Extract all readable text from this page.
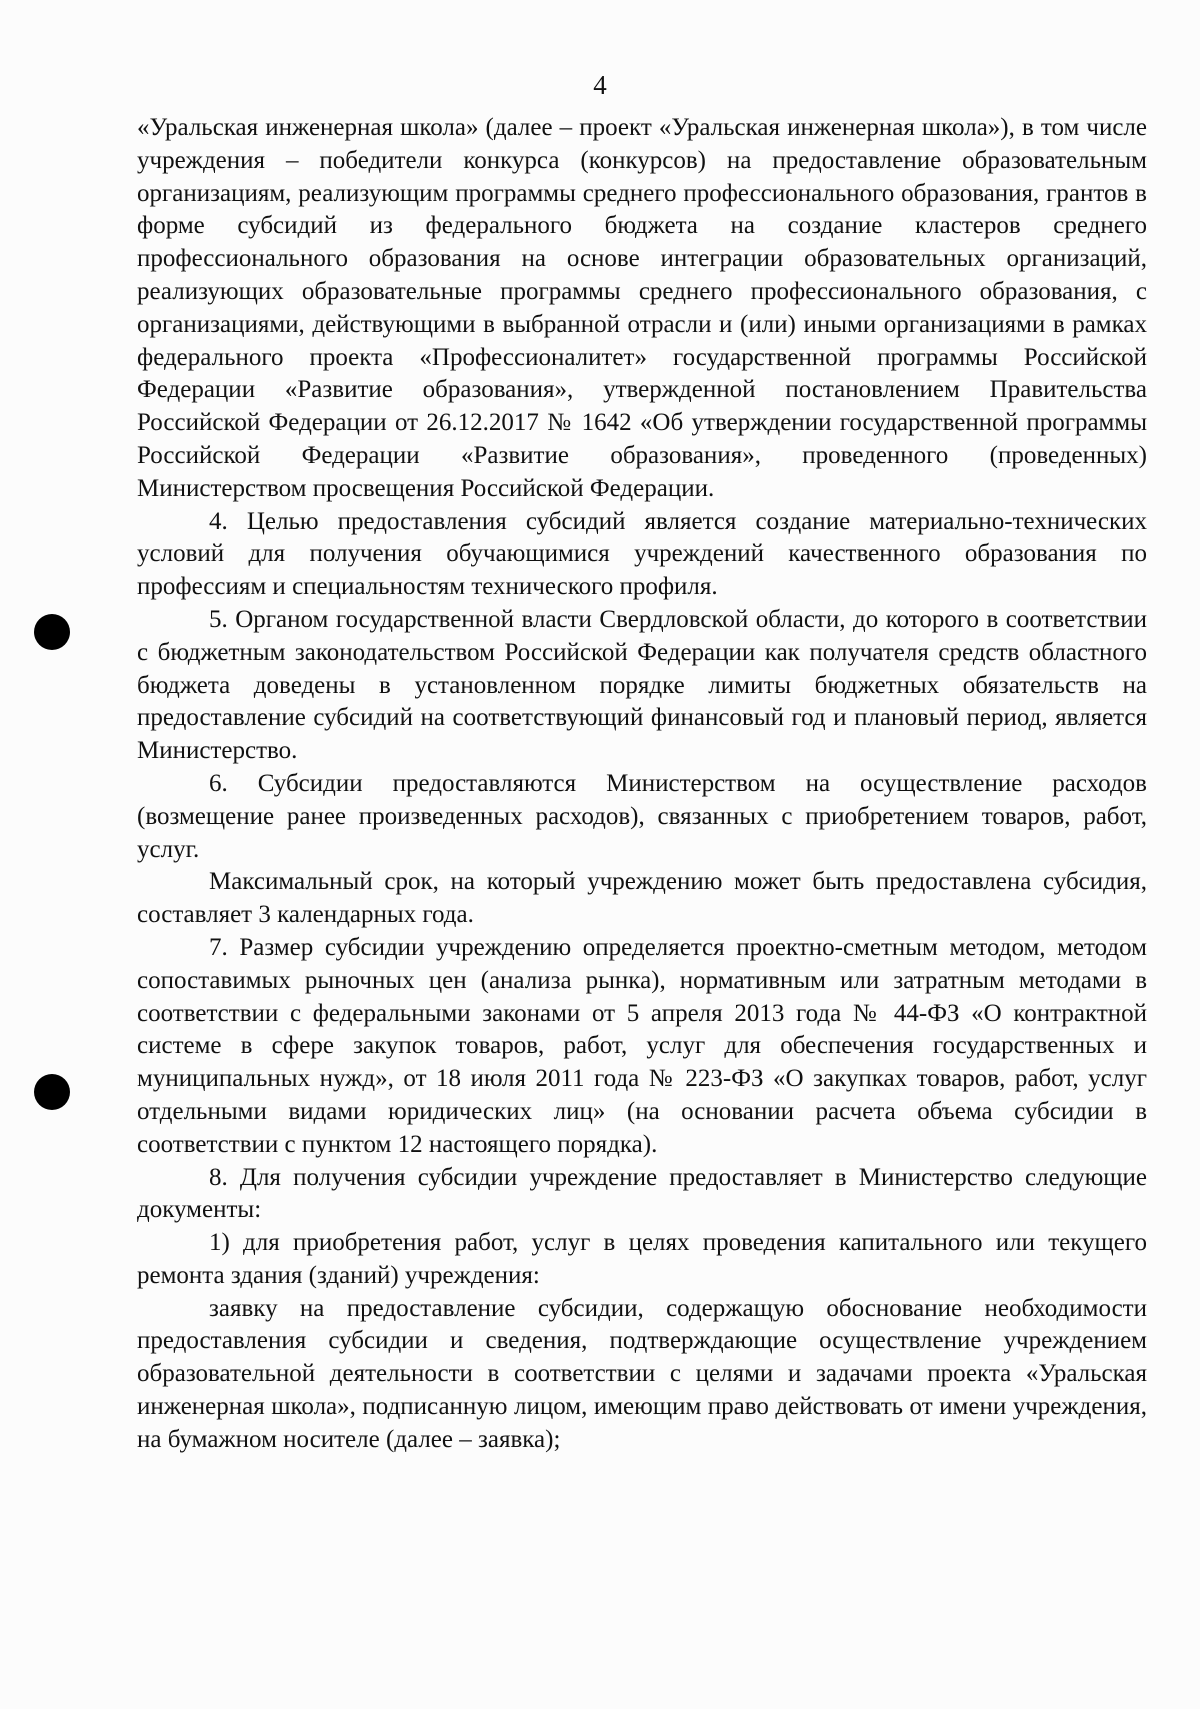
4

«Уральская инженерная школа» (далее – проект «Уральская инженерная школа»), в том числе учреждения – победители конкурса (конкурсов) на предоставление образовательным организациям, реализующим программы среднего профессионального образования, грантов в форме субсидий из федерального бюджета на создание кластеров среднего профессионального образования на основе интеграции образовательных организаций, реализующих образовательные программы среднего профессионального образования, с организациями, действующими в выбранной отрасли и (или) иными организациями в рамках федерального проекта «Профессионалитет» государственной программы Российской Федерации «Развитие образования», утвержденной постановлением Правительства Российской Федерации от 26.12.2017 № 1642 «Об утверждении государственной программы Российской Федерации «Развитие образования», проведенного (проведенных) Министерством просвещения Российской Федерации.

4. Целью предоставления субсидий является создание материально-технических условий для получения обучающимися учреждений качественного образования по профессиям и специальностям технического профиля.

5. Органом государственной власти Свердловской области, до которого в соответствии с бюджетным законодательством Российской Федерации как получателя средств областного бюджета доведены в установленном порядке лимиты бюджетных обязательств на предоставление субсидий на соответствующий финансовый год и плановый период, является Министерство.

6. Субсидии предоставляются Министерством на осуществление расходов (возмещение ранее произведенных расходов), связанных с приобретением товаров, работ, услуг.

Максимальный срок, на который учреждению может быть предоставлена субсидия, составляет 3 календарных года.

7. Размер субсидии учреждению определяется проектно-сметным методом, методом сопоставимых рыночных цен (анализа рынка), нормативным или затратным методами в соответствии с федеральными законами от 5 апреля 2013 года № 44-ФЗ «О контрактной системе в сфере закупок товаров, работ, услуг для обеспечения государственных и муниципальных нужд», от 18 июля 2011 года № 223-ФЗ «О закупках товаров, работ, услуг отдельными видами юридических лиц» (на основании расчета объема субсидии в соответствии с пунктом 12 настоящего порядка).

8. Для получения субсидии учреждение предоставляет в Министерство следующие документы:

1) для приобретения работ, услуг в целях проведения капитального или текущего ремонта здания (зданий) учреждения:

заявку на предоставление субсидии, содержащую обоснование необходимости предоставления субсидии и сведения, подтверждающие осуществление учреждением образовательной деятельности в соответствии с целями и задачами проекта «Уральская инженерная школа», подписанную лицом, имеющим право действовать от имени учреждения, на бумажном носителе (далее – заявка);
